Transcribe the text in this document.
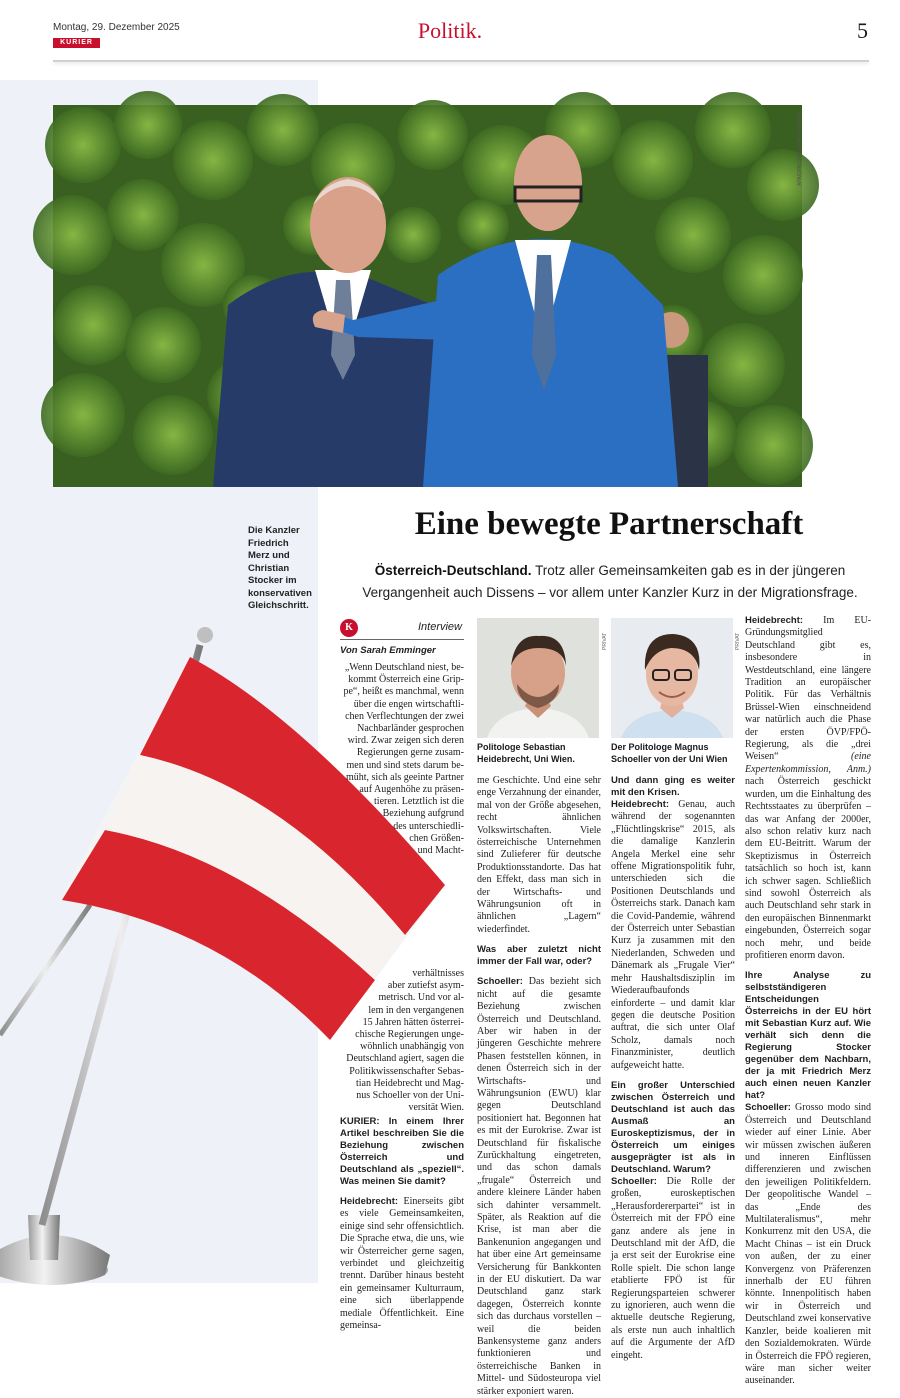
Montag, 29. Dezember 2025
KURIER	Politik.	5
APA/DPA/CHRISTOPH SOEDER
Die Kanzler Friedrich Merz und Christian Stocker im konservativen Gleichschritt.
Eine bewegte Partnerschaft
Österreich-Deutschland. Trotz aller Gemeinsamkeiten gab es in der jüngeren Vergangenheit auch Dissens – vor allem unter Kanzler Kurz in der Migrationsfrage.
K	Interview
Von Sarah Emminger
„Wenn Deutschland niest, be-
kommt Österreich eine Grip-
pe“, heißt es manchmal, wenn
über die engen wirtschaftli-
chen Verflechtungen der zwei
Nachbarländer gesprochen
wird. Zwar zeigen sich deren
Regierungen gerne zusam-
men und sind stets darum be-
müht, sich als geeinte Partner
auf Augenhöhe zu präsen-
tieren. Letztlich ist die
Beziehung aufgrund
des unterschiedli-
chen Größen-
und Macht-
verhältnisses
aber zutiefst asym-
metrisch. Und vor al-
lem in den vergangenen
15 Jahren hätten österrei-
chische Regierungen unge-
wöhnlich unabhängig von
Deutschland agiert, sagen die
Politikwissenschafter Sebas-
tian Heidebrecht und Mag-
nus Schoeller von der Uni-
versität Wien.

KURIER: In einem Ihrer Artikel beschreiben Sie die Beziehung zwischen Österreich und Deutschland als „speziell“. Was meinen Sie damit?

Heidebrecht: Einerseits gibt es viele Gemeinsamkeiten, einige sind sehr offensichtlich. Die Sprache etwa, die uns, wie wir Österreicher gerne sagen, verbindet und gleichzeitig trennt. Darüber hinaus besteht ein gemeinsamer Kulturraum, eine sich überlappende mediale Öffentlichkeit. Eine gemeinsa-

PRIVAT
Politologe Sebastian Heidebrecht, Uni Wien.
PRIVAT
Der Politologe Magnus Schoeller von der Uni Wien

me Geschichte. Und eine sehr enge Verzahnung der einander, mal von der Größe abgesehen, recht ähnlichen Volkswirtschaften. Viele österreichische Unternehmen sind Zulieferer für deutsche Produktionsstandorte. Das hat den Effekt, dass man sich in der Wirtschafts- und Währungsunion oft in ähnlichen „Lagern“ wiederfindet.

Was aber zuletzt nicht immer der Fall war, oder?

Schoeller: Das bezieht sich nicht auf die gesamte Beziehung zwischen Österreich und Deutschland. Aber wir haben in der jüngeren Geschichte mehrere Phasen feststellen können, in denen Österreich sich in der Wirtschafts- und Währungsunion (EWU) klar gegen Deutschland positioniert hat. Begonnen hat es mit der Eurokrise. Zwar ist Deutschland für fiskalische Zurückhaltung eingetreten, und das schon damals „frugale“ Österreich und andere kleinere Länder haben sich dahinter versammelt. Später, als Reaktion auf die Krise, ist man aber die Bankenunion angegangen und hat über eine Art gemeinsame Versicherung für Bankkonten in der EU diskutiert. Da war Deutschland ganz stark dagegen, Österreich konnte sich das durchaus vorstellen – weil die beiden Bankensysteme ganz anders funktionieren und österreichische Banken in Mittel- und Südosteuropa viel stärker exponiert waren.

Und dann ging es weiter mit den Krisen.

Heidebrecht: Genau, auch während der sogenannten „Flüchtlingskrise“ 2015, als die damalige Kanzlerin Angela Merkel eine sehr offene Migrationspolitik fuhr, unterschieden sich die Positionen Deutschlands und Österreichs stark. Danach kam die Covid-Pandemie, während der Österreich unter Sebastian Kurz ja zusammen mit den Niederlanden, Schweden und Dänemark als „Frugale Vier“ mehr Haushaltsdisziplin im Wiederaufbaufonds einforderte – und damit klar gegen die deutsche Position auftrat, die sich unter Olaf Scholz, damals noch Finanzminister, deutlich aufgeweicht hatte.

Ein großer Unterschied zwischen Österreich und Deutschland ist auch das Ausmaß an Euroskeptizismus, der in Österreich um einiges ausgeprägter ist als in Deutschland. Warum?

Schoeller: Die Rolle der großen, euroskeptischen „Herausfordererpartei“ ist in Österreich mit der FPÖ eine ganz andere als jene in Deutschland mit der AfD, die ja erst seit der Eurokrise eine Rolle spielt. Die schon lange etablierte FPÖ ist für Regierungsparteien schwerer zu ignorieren, auch wenn die aktuelle deutsche Regierung, als erste nun auch inhaltlich auf die Argumente der AfD eingeht.

Heidebrecht: Im EU-Gründungsmitglied Deutschland gibt es, insbesondere in Westdeutschland, eine längere Tradition an europäischer Politik. Für das Verhältnis Brüssel-Wien einschneidend war natürlich auch die Phase der ersten ÖVP/FPÖ-Regierung, als die „drei Weisen“	(eine Expertenkommission, Anm.) nach Österreich geschickt wurden, um die Einhaltung des Rechtsstaates zu überprüfen – das war Anfang der 2000er, also schon relativ kurz nach dem EU-Beitritt. Warum der Skeptizismus in Österreich tatsächlich so hoch ist, kann ich schwer sagen. Schließlich sind sowohl Österreich als auch Deutschland sehr stark in den europäischen Binnenmarkt eingebunden, Österreich sogar noch mehr, und beide profitieren enorm davon.

Ihre Analyse zu selbstständigeren Entscheidungen Österreichs in der EU hört mit Sebastian Kurz auf. Wie verhält sich denn die Regierung Stocker gegenüber dem Nachbarn, der ja mit Friedrich Merz auch einen neuen Kanzler hat?

Schoeller: Grosso modo sind Österreich und Deutschland wieder auf einer Linie. Aber wir müssen zwischen äußeren und inneren Einflüssen differenzieren und zwischen den jeweiligen Politikfeldern. Der geopolitische Wandel – das „Ende des Multilateralismus“, mehr Konkurrenz mit den USA, die Macht Chinas – ist ein Druck von außen, der zu einer Konvergenz von Präferenzen innerhalb der EU führen könnte. Innenpolitisch haben wir in Österreich und Deutschland zwei konservative Kanzler, beide koalieren mit den Sozialdemokraten. Würde in Österreich die FPÖ regieren, wäre man sicher weiter auseinander.
